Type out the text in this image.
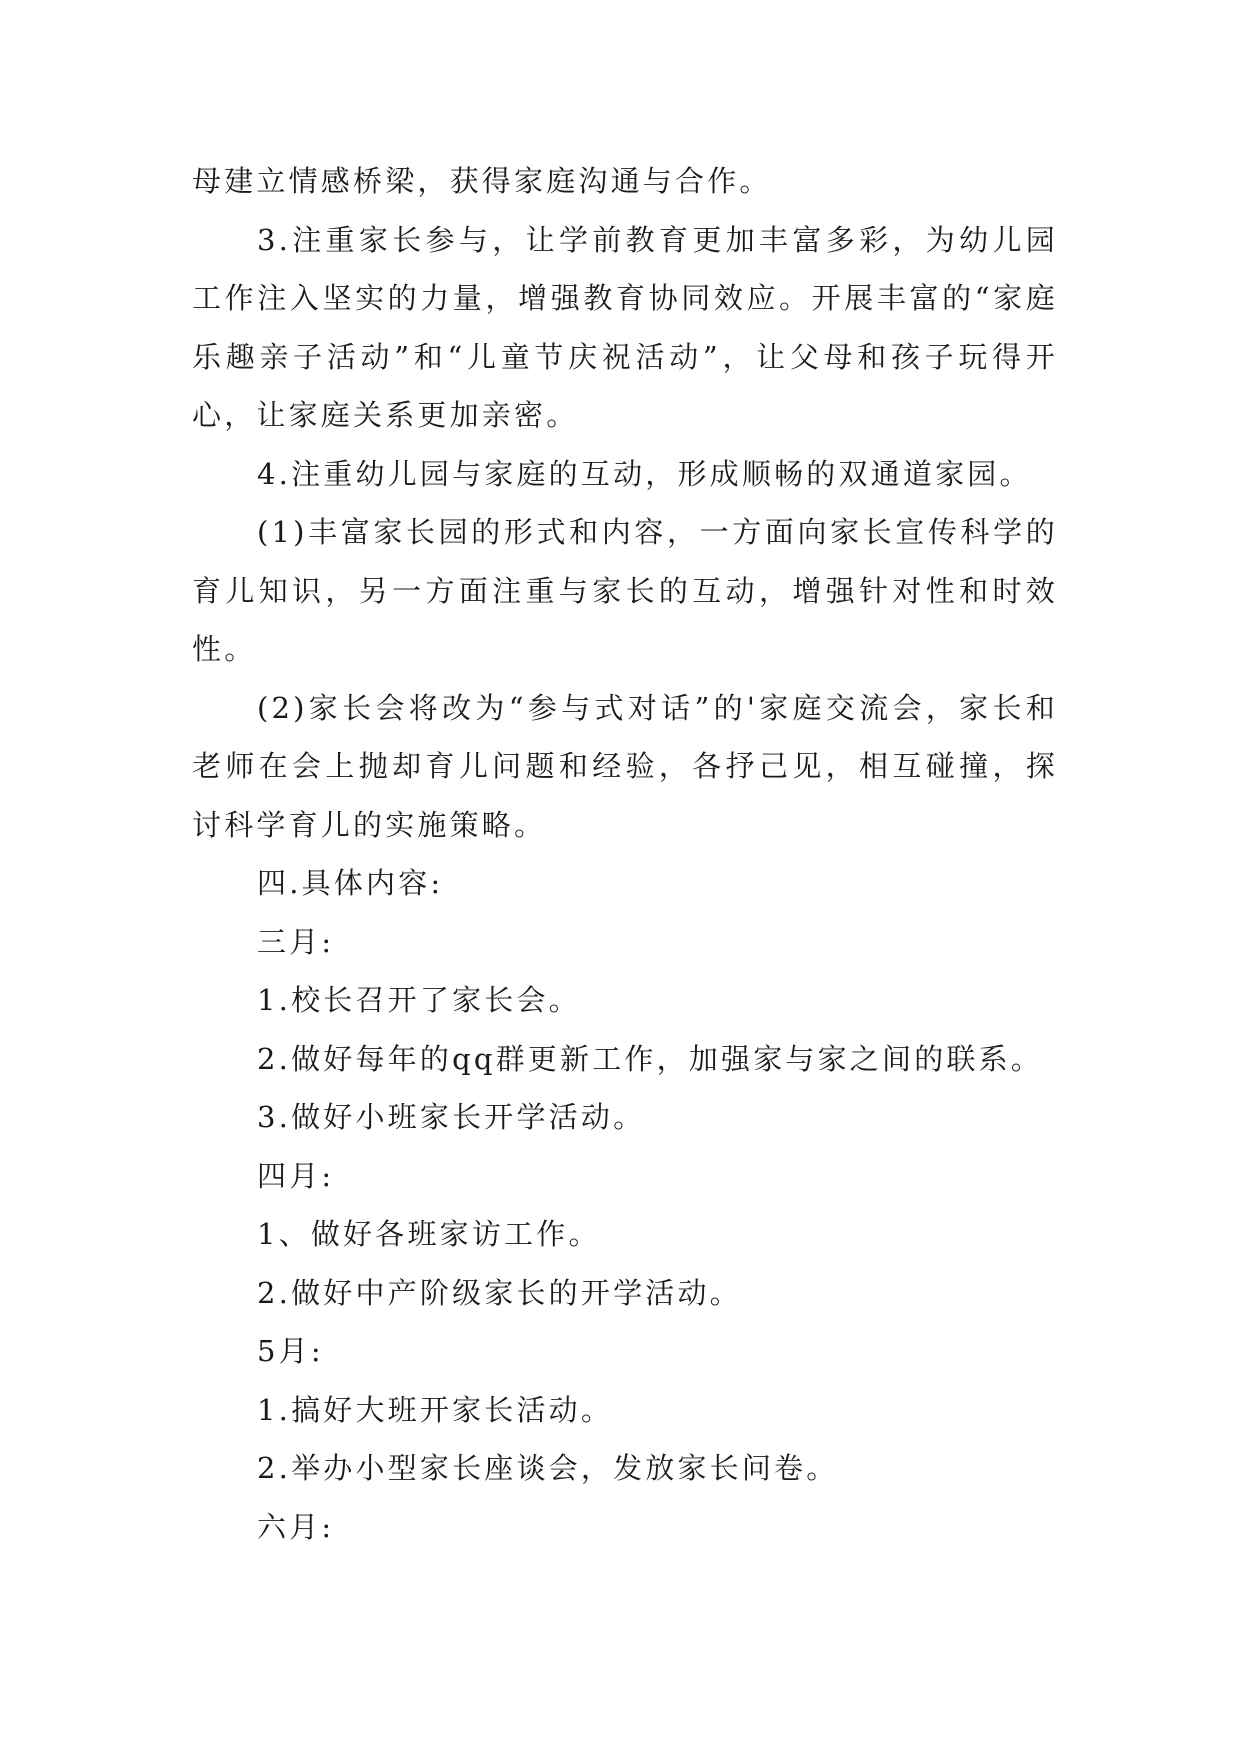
母建立情感桥梁，获得家庭沟通与合作。

3.注重家长参与，让学前教育更加丰富多彩，为幼儿园工作注入坚实的力量，增强教育协同效应。开展丰富的“家庭乐趣亲子活动”和“儿童节庆祝活动”，让父母和孩子玩得开心，让家庭关系更加亲密。

4.注重幼儿园与家庭的互动，形成顺畅的双通道家园。

(1)丰富家长园的形式和内容，一方面向家长宣传科学的育儿知识，另一方面注重与家长的互动，增强针对性和时效性。

(2)家长会将改为“参与式对话”的'家庭交流会，家长和老师在会上抛却育儿问题和经验，各抒己见，相互碰撞，探讨科学育儿的实施策略。

四.具体内容:

三月:

1.校长召开了家长会。

2.做好每年的qq群更新工作，加强家与家之间的联系。

3.做好小班家长开学活动。

四月:

1、做好各班家访工作。

2.做好中产阶级家长的开学活动。

5月:

1.搞好大班开家长活动。

2.举办小型家长座谈会，发放家长问卷。

六月:
